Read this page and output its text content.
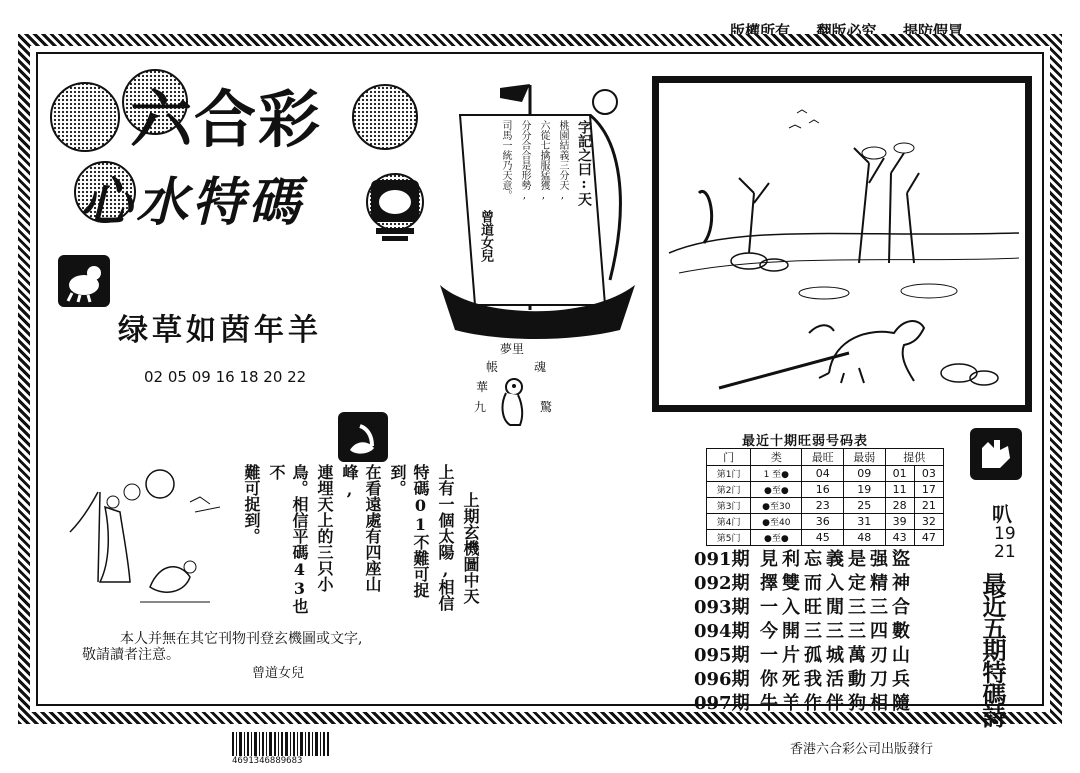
版權所有 翻版必究 提防假冒
六合彩
心水特碼
绿草如茵年羊
02 05 09 16 18 20 22
字記之曰:天
桃園結義三分天,
六從七擒服猛獲,
分分合合是形勢,
司馬一統乃天意。
曾道女兒
夢里
帳	魂
華
驚
九
上期玄機圖中天
上有一個太陽,相信
特碼01不難可捉到。
在看遠處有四座山峰,
連埋天上的三只小
鳥。相信平碼43也不
難可捉到。
本人并無在其它刊物刊登玄機圖或文字,
敬請讀者注意。
曾道女兒
最近十期旺弱号码表
门	类	最旺	最弱	提供	
第1门	1 至●	04	09	01	03
第2门	●至●	16	19	11	17
第3门	●至30	23	25	28	21
第4门	●至40	36	31	39	32
第5门	●至●	45	48	43	47
091期 見利忘義是强盜
092期 擇雙而入定精神
093期 一入旺閒三三合
094期 今開三三三四數
095期 一片孤城萬刃山
096期 你死我活動刀兵
097期 牛羊作伴狗相隨
叭
19
21
最近五期特碼詩
4691346889683
香港六合彩公司出版發行
